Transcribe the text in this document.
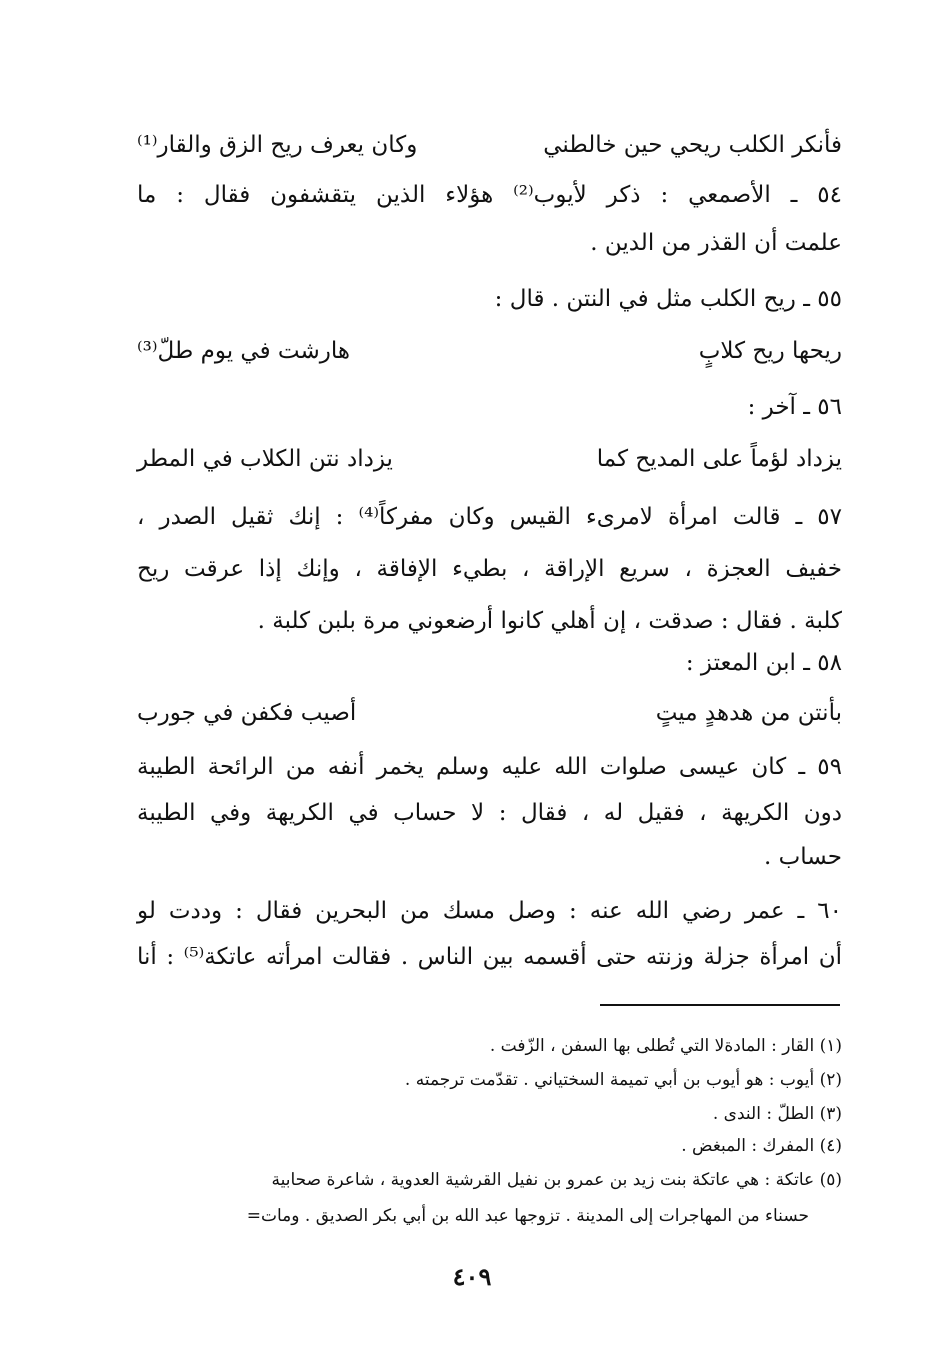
فأنكر الكلب ريحي حين خالطني
وكان يعرف ريح الزق والقار⁽¹⁾
٥٤ ـ الأصمعي : ذكر لأيوب⁽²⁾ هؤلاء الذين يتقشفون فقال : ما
علمت أن القذر من الدين .
٥٥ ـ ريح الكلب مثل في النتن . قال :
ريحها ريح كلابٍ
هارشت في يوم طلّ⁽³⁾
٥٦ ـ آخر :
يزداد لؤماً على المديح كما
يزداد نتن الكلاب في المطر
٥٧ ـ قالت امرأة لامرىء القيس وكان مفركاً⁽⁴⁾ : إنك ثقيل الصدر ،
خفيف العجزة ، سريع الإراقة ، بطيء الإفاقة ، وإنك إذا عرقت ريح
كلبة . فقال : صدقت ، إن أهلي كانوا أرضعوني مرة بلبن كلبة .
٥٨ ـ ابن المعتز :
بأنتن من هدهدٍ ميتٍ
أصيب فكفن في جورب
٥٩ ـ كان عيسى صلوات الله عليه وسلم يخمر أنفه من الرائحة الطيبة
دون الكريهة ، فقيل له ، فقال : لا حساب في الكريهة وفي الطيبة
حساب .
٦٠ ـ عمر رضي الله عنه : وصل مسك من البحرين فقال : وددت لو
أن امرأة جزلة وزنته حتى أقسمه بين الناس . فقالت امرأته عاتكة⁽⁵⁾ : أنا
(١) القار : المادةلا التي تُطلى بها السفن ، الزّفت .
(٢) أيوب : هو أيوب بن أبي تميمة السختياني . تقدّمت ترجمته .
(٣) الطلّ : الندى .
(٤) المفرك : المبغض .
(٥) عاتكة : هي عاتكة بنت زيد بن عمرو بن نفيل القرشية العدوية ، شاعرة صحابية
حسناء من المهاجرات إلى المدينة . تزوجها عبد الله بن أبي بكر الصديق . ومات=
٤٠٩
